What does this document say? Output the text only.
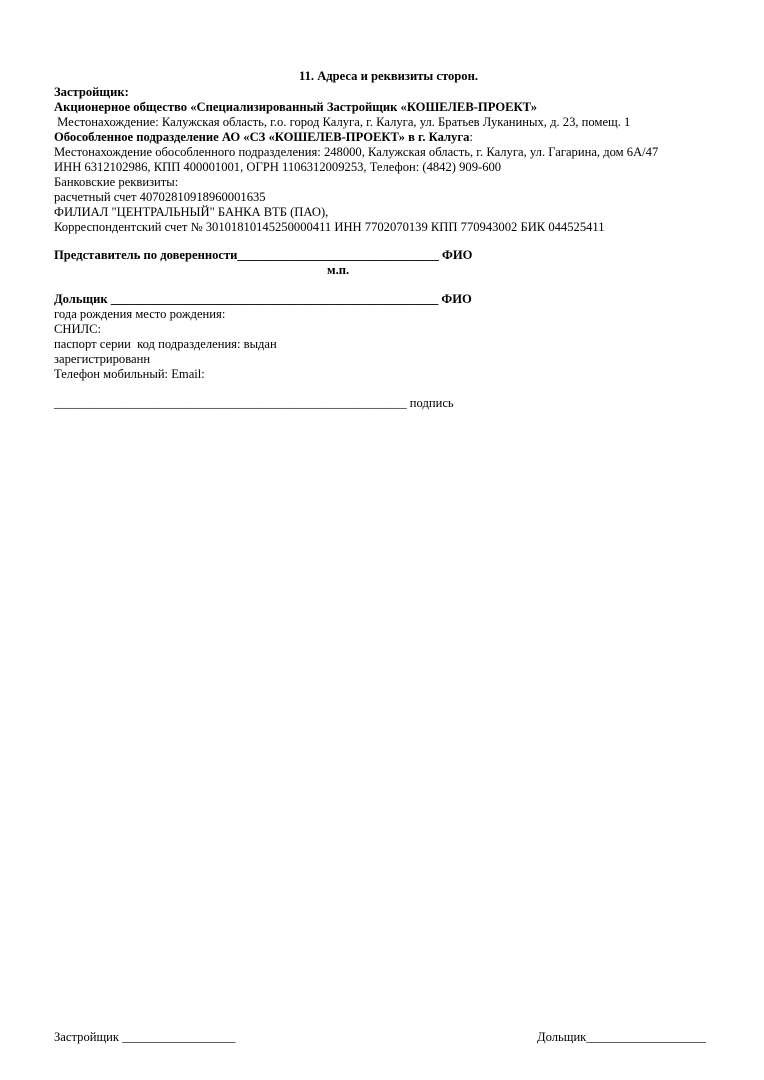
11. Адреса и реквизиты сторон.
Застройщик:
Акционерное общество «Специализированный Застройщик «КОШЕЛЕВ-ПРОЕКТ»
Местонахождение: Калужская область, г.о. город Калуга, г. Калуга, ул. Братьев Луканиных, д. 23, помещ. 1
Обособленное подразделение АО «СЗ «КОШЕЛЕВ-ПРОЕКТ» в г. Калуга:
Местонахождение обособленного подразделения: 248000, Калужская область, г. Калуга, ул. Гагарина, дом 6А/47
ИНН 6312102986, КПП 400001001, ОГРН 1106312009253, Телефон: (4842) 909-600
Банковские реквизиты:
расчетный счет 40702810918960001635
ФИЛИАЛ "ЦЕНТРАЛЬНЫЙ" БАНКА ВТБ (ПАО),
Корреспондентский счет № 30101810145250000411 ИНН 7702070139 КПП 770943002 БИК 044525411
Представитель по доверенности________________________________ ФИО
м.п.
Дольщик ____________________________________________________ ФИО
года рождения место рождения:
СНИЛС:
паспорт серии  код подразделения: выдан
зарегистрированн
Телефон мобильный: Email:
________________________________________________________ подпись
Застройщик __________________	Дольщик___________________
